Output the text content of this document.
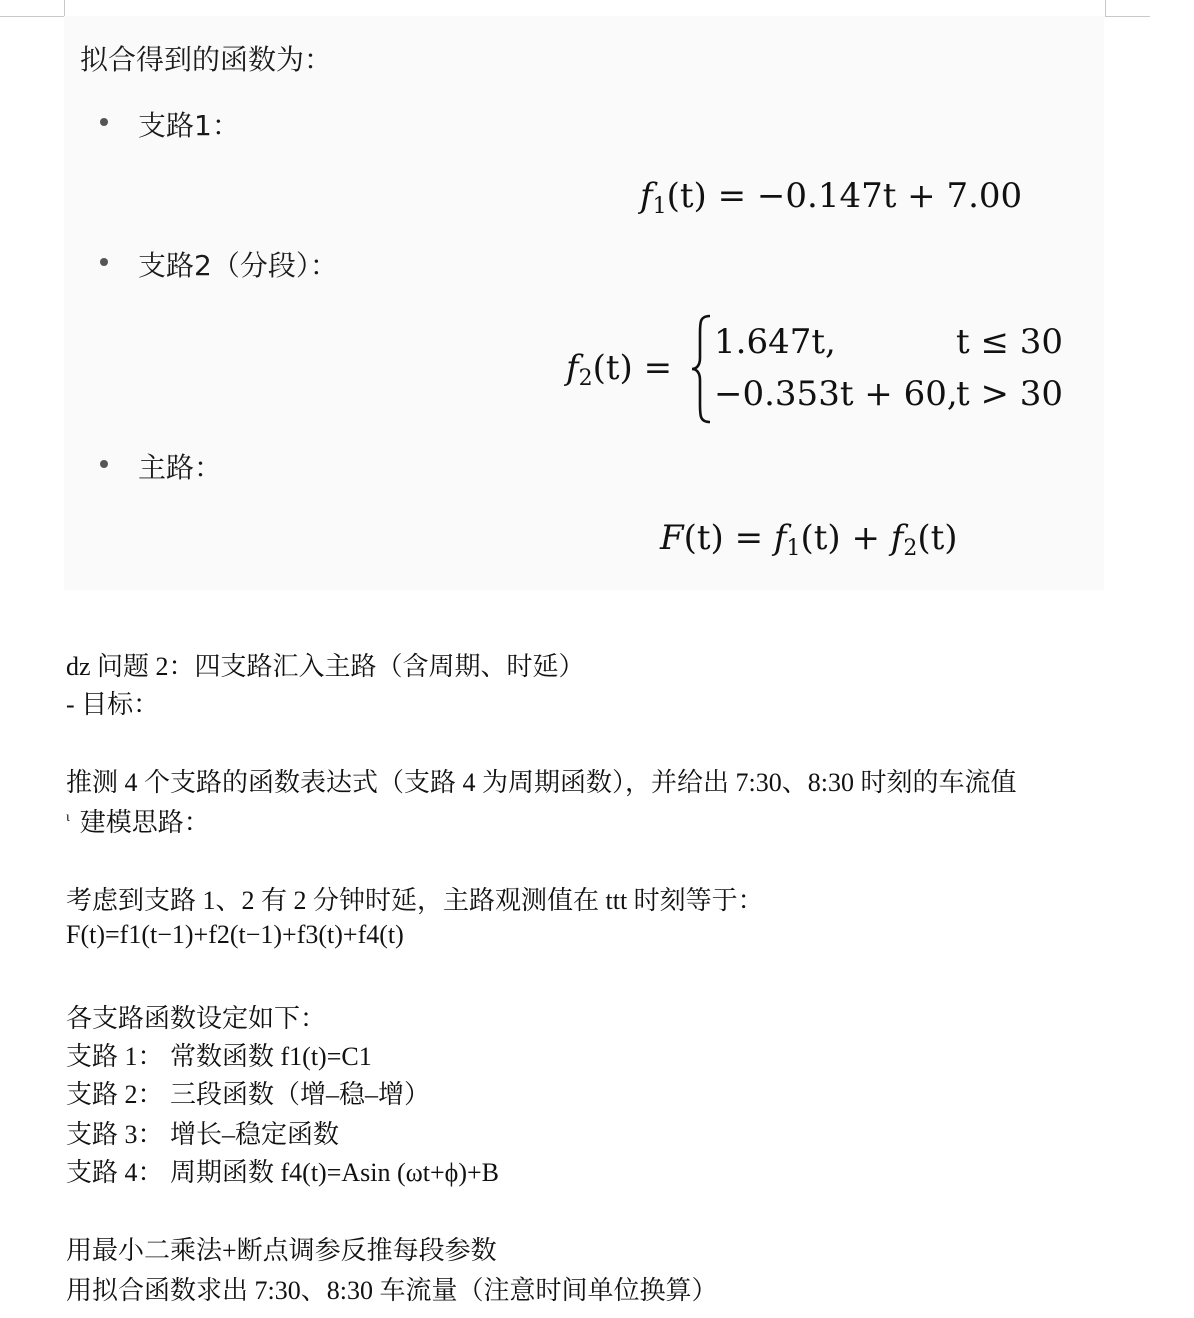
拟合得到的函数为：
支路1：
$f_1(t) = -0.147t + 7.00$
支路2（分段）：
$f_2(t)$ =
1.647t,	t ≤ 30
−0.353t + 60,
t > 30
主路：
$F(t) = f_1(t) + f_2(t)$
dz 问题 2：四支路汇入主路（含周期、时延）
- 目标：
推测 4 个支路的函数表达式（支路 4 为周期函数），并给出 7:30、8:30 时刻的车流值
$^\iota$ 建模思路：
考虑到支路 1、2 有 2 分钟时延，主路观测值在 ttt 时刻等于：
F(t)=f1(t−1)+f2(t−1)+f3(t)+f4(t)
各支路函数设定如下：
支路 1： 常数函数 f1(t)=C1
支路 2： 三段函数（增–稳–增）
支路 3： 增长–稳定函数
支路 4： 周期函数 f4(t)=Asin (ωt+ϕ)+B
用最小二乘法+断点调参反推每段参数
用拟合函数求出 7:30、8:30 车流量（注意时间单位换算）
